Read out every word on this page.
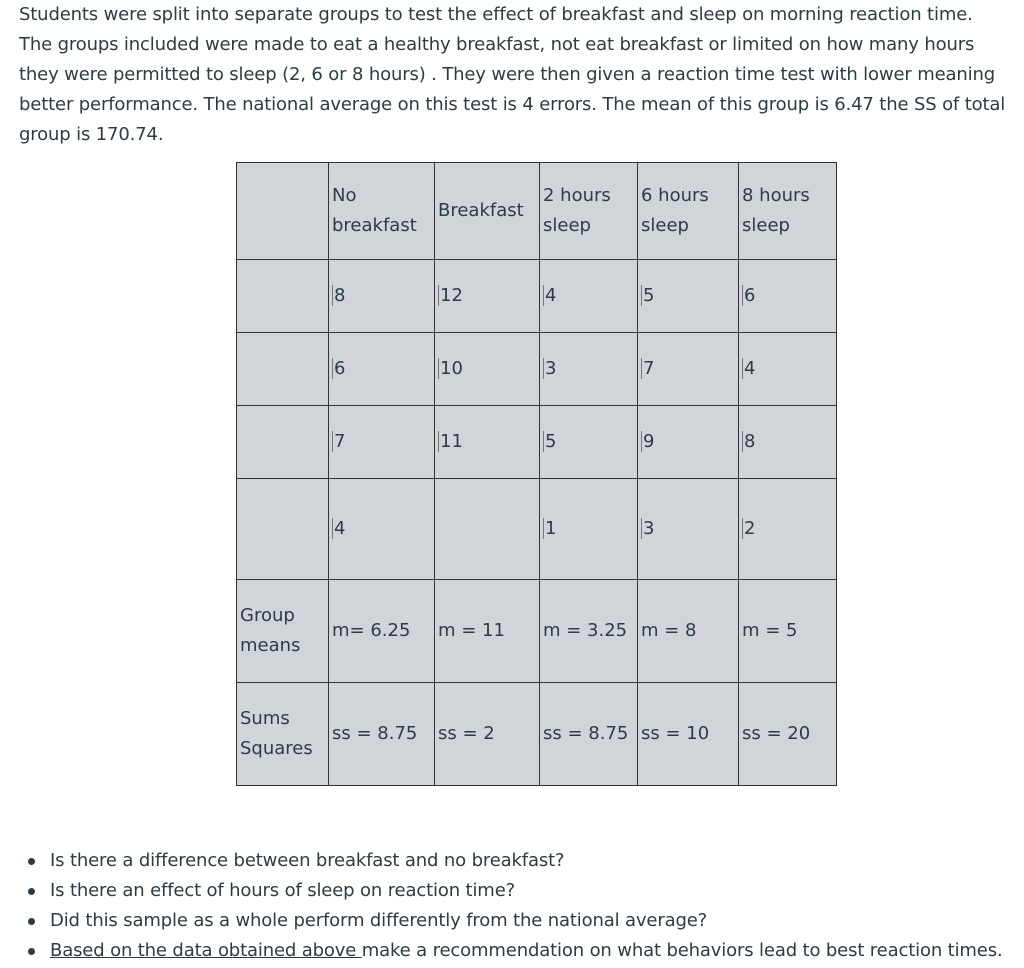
Students were split into separate groups to test the effect of breakfast and sleep on morning reaction time. The groups included were made to eat a healthy breakfast, not eat breakfast or limited on how many hours they were permitted to sleep (2, 6 or 8 hours) . They were then given a reaction time test with lower meaning better performance. The national average on this test is 4 errors. The mean of this group is 6.47 the SS of total group is 170.74.

	No breakfast	Breakfast	2 hours sleep	6 hours sleep	8 hours sleep
	8	12	4	5	6
	6	10	3	7	4
	7	11	5	9	8
	4		1	3	2
Group means	m= 6.25	m = 11	m = 3.25	m = 8	m = 5
Sums Squares	ss = 8.75	ss = 2	ss = 8.75	ss = 10	ss = 20
Is there a difference between breakfast and no breakfast?
Is there an effect of hours of sleep on reaction time?
Did this sample as a whole perform differently from the national average?
Based on the data obtained above make a recommendation on what behaviors lead to best reaction times.
